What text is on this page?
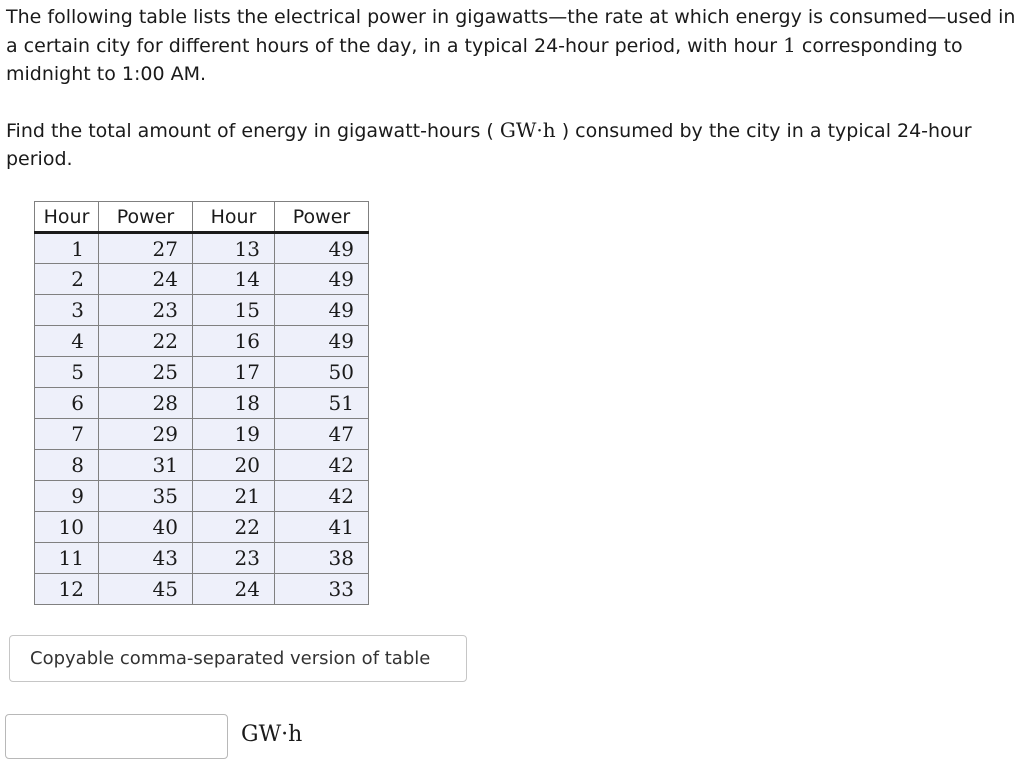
The following table lists the electrical power in gigawatts—the rate at which energy is consumed—used in a certain city for different hours of the day, in a typical 24-hour period, with hour 1 corresponding to midnight to 1:00 AM.

Find the total amount of energy in gigawatt-hours ( GW·h ) consumed by the city in a typical 24-hour period.

Hour	Power	Hour	Power
1	27	13	49
2	24	14	49
3	23	15	49
4	22	16	49
5	25	17	50
6	28	18	51
7	29	19	47
8	31	20	42
9	35	21	42
10	40	22	41
11	43	23	38
12	45	24	33
Copyable comma-separated version of table
GW·h
